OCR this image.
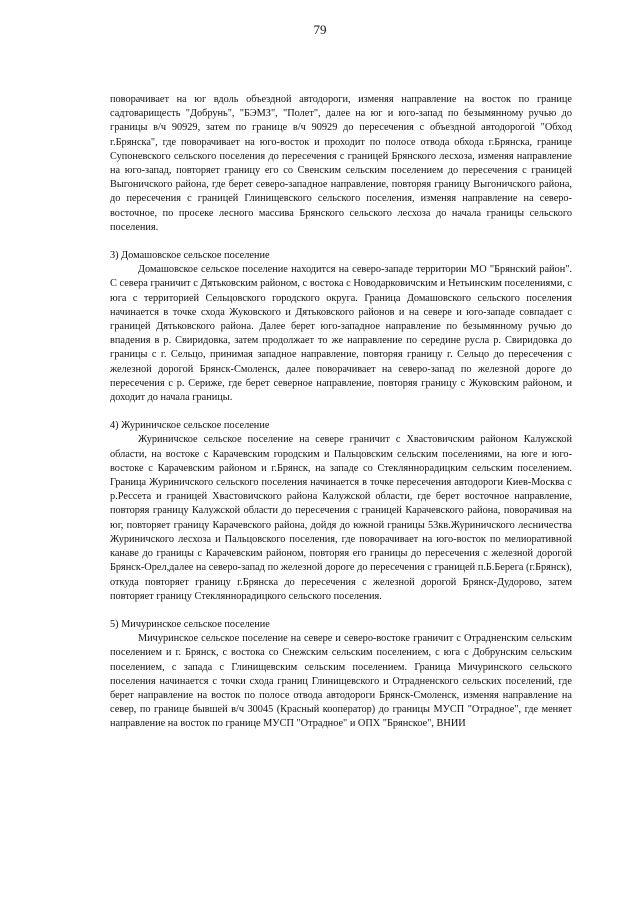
79

поворачивает на юг вдоль объездной автодороги, изменяя направление на восток по границе садтоварищесть "Добрунь", "БЭМЗ", "Полет", далее на юг и юго-запад по безымянному ручью до границы в/ч 90929, затем по границе в/ч 90929 до пересечения с объездной автодорогой "Обход г.Брянска", где поворачивает на юго-восток и проходит по полосе отвода обхода г.Брянска, границе Супоневского сельского поселения до пересечения с границей Брянского лесхоза, изменяя направление на юго-запад, повторяет границу его со Свенским сельским поселением до пересечения с границей Выгоничского района, где берет северо-западное направление, повторяя границу Выгоничского района, до пересечения с границей Глинищевского сельского поселения, изменяя направление на северо-восточное, по просеке лесного массива Брянского сельского лесхоза до начала границы сельского поселения.

3) Домашовское сельское поселение

Домашовское сельское поселение находится на северо-западе территории МО "Брянский район". С севера граничит с Дятьковским районом, с востока с Новодарковичским и Нетьинским поселениями, с юга с территорией Сельцовского городского округа. Граница Домашовского сельского поселения начинается в точке схода Жуковского и Дятьковского районов и на севере и юго-западе совпадает с границей Дятьковского района. Далее берет юго-западное направление по безымянному ручью до впадения в р. Свиридовка, затем продолжает то же направление по середине русла р. Свиридовка до границы с г. Сельцо, принимая западное направление, повторяя границу г. Сельцо до пересечения с железной дорогой Брянск-Смоленск, далее поворачивает на северо-запад по железной дороге до пересечения с р. Сериже, где берет северное направление, повторяя границу с Жуковским районом, и доходит до начала границы.

4) Журиничское сельское поселение

Журиничское сельское поселение на севере граничит с Хвастовичским районом Калужской области, на востоке с Карачевским городским и Пальцовским сельским поселениями, на юге и юго-востоке с Карачевским районом и г.Брянск, на западе со Стекляннорадицким сельским поселением. Граница Журиничского сельского поселения начинается в точке пересечения автодороги Киев-Москва с р.Рессета и границей Хвастовичского района Калужской области, где берет восточное направление, повторяя границу Калужской области до пересечения с границей Карачевского района, поворачивая на юг, повторяет границу Карачевского района, дойдя до южной границы 53кв.Журиничского лесничества Журиничского лесхоза и Пальцовского поселения, где поворачивает на юго-восток по мелиоративной канаве до границы с Карачевским районом, повторяя его границы до пересечения с железной дорогой Брянск-Орел,далее на северо-запад по железной дороге до пересечения с границей п.Б.Берега (г.Брянск), откуда повторяет границу г.Брянска до пересечения с железной дорогой Брянск-Дудорово, затем повторяет границу Стекляннорадицкого сельского поселения.

5) Мичуринское сельское поселение

Мичуринское сельское поселение на севере и северо-востоке граничит с Отрадненским сельским поселением и г. Брянск, с востока со Снежским сельским поселением, с юга с Добрунским сельским поселением, с запада с Глинищевским сельским поселением. Граница Мичуринского сельского поселения начинается с точки схода границ Глинищевского и Отрадненского сельских поселений, где берет направление на восток по полосе отвода автодороги Брянск-Смоленск, изменяя направление на север, по границе бывшей в/ч 30045 (Красный кооператор) до границы МУСП "Отрадное", где меняет направление на восток по границе МУСП "Отрадное" и ОПХ "Брянское", ВНИИ
